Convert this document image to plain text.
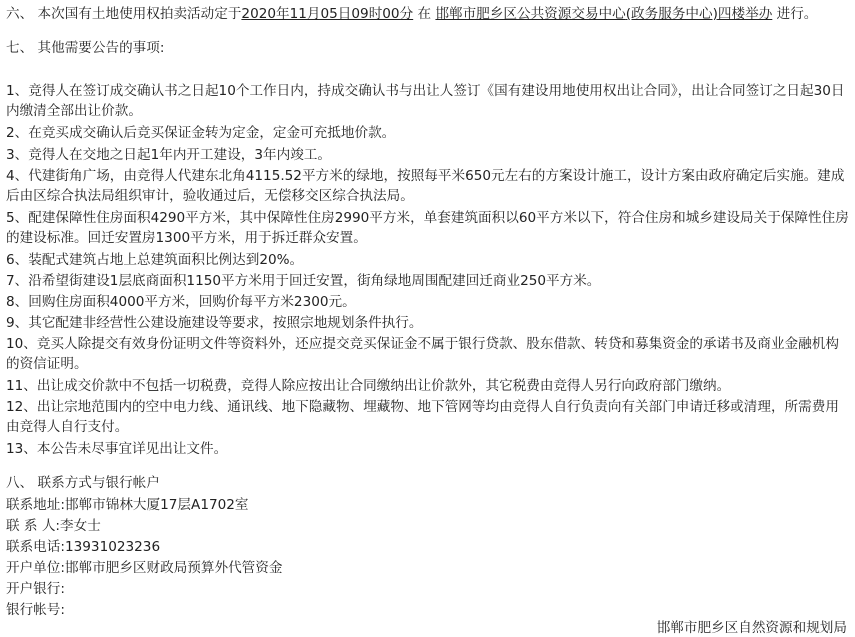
六、 本次国有土地使用权拍卖活动定于2020年11月05日09时00分 在 邯郸市肥乡区公共资源交易中心(政务服务中心)四楼举办 进行。
七、 其他需要公告的事项:
1、竞得人在签订成交确认书之日起10个工作日内，持成交确认书与出让人签订《国有建设用地使用权出让合同》，出让合同签订之日起30日内缴清全部出让价款。
2、在竞买成交确认后竞买保证金转为定金，定金可充抵地价款。
3、竞得人在交地之日起1年内开工建设，3年内竣工。
4、代建街角广场，由竞得人代建东北角4115.52平方米的绿地，按照每平米650元左右的方案设计施工，设计方案由政府确定后实施。建成后由区综合执法局组织审计，验收通过后，无偿移交区综合执法局。
5、配建保障性住房面积4290平方米，其中保障性住房2990平方米，单套建筑面积以60平方米以下，符合住房和城乡建设局关于保障性住房的建设标准。回迁安置房1300平方米，用于拆迁群众安置。
6、装配式建筑占地上总建筑面积比例达到20%。
7、沿希望街建设1层底商面积1150平方米用于回迁安置，街角绿地周围配建回迁商业250平方米。
8、回购住房面积4000平方米，回购价每平方米2300元。
9、其它配建非经营性公建设施建设等要求，按照宗地规划条件执行。
10、竞买人除提交有效身份证明文件等资料外，还应提交竞买保证金不属于银行贷款、股东借款、转贷和募集资金的承诺书及商业金融机构的资信证明。
11、出让成交价款中不包括一切税费，竞得人除应按出让合同缴纳出让价款外，其它税费由竞得人另行向政府部门缴纳。
12、出让宗地范围内的空中电力线、通讯线、地下隐藏物、埋藏物、地下管网等均由竞得人自行负责向有关部门申请迁移或清理，所需费用由竞得人自行支付。
13、本公告未尽事宜详见出让文件。
八、 联系方式与银行帐户
联系地址:邯郸市锦林大厦17层A1702室
联 系 人:李女士
联系电话:13931023236
开户单位:邯郸市肥乡区财政局预算外代管资金
开户银行:
银行帐号:
邯郸市肥乡区自然资源和规划局
